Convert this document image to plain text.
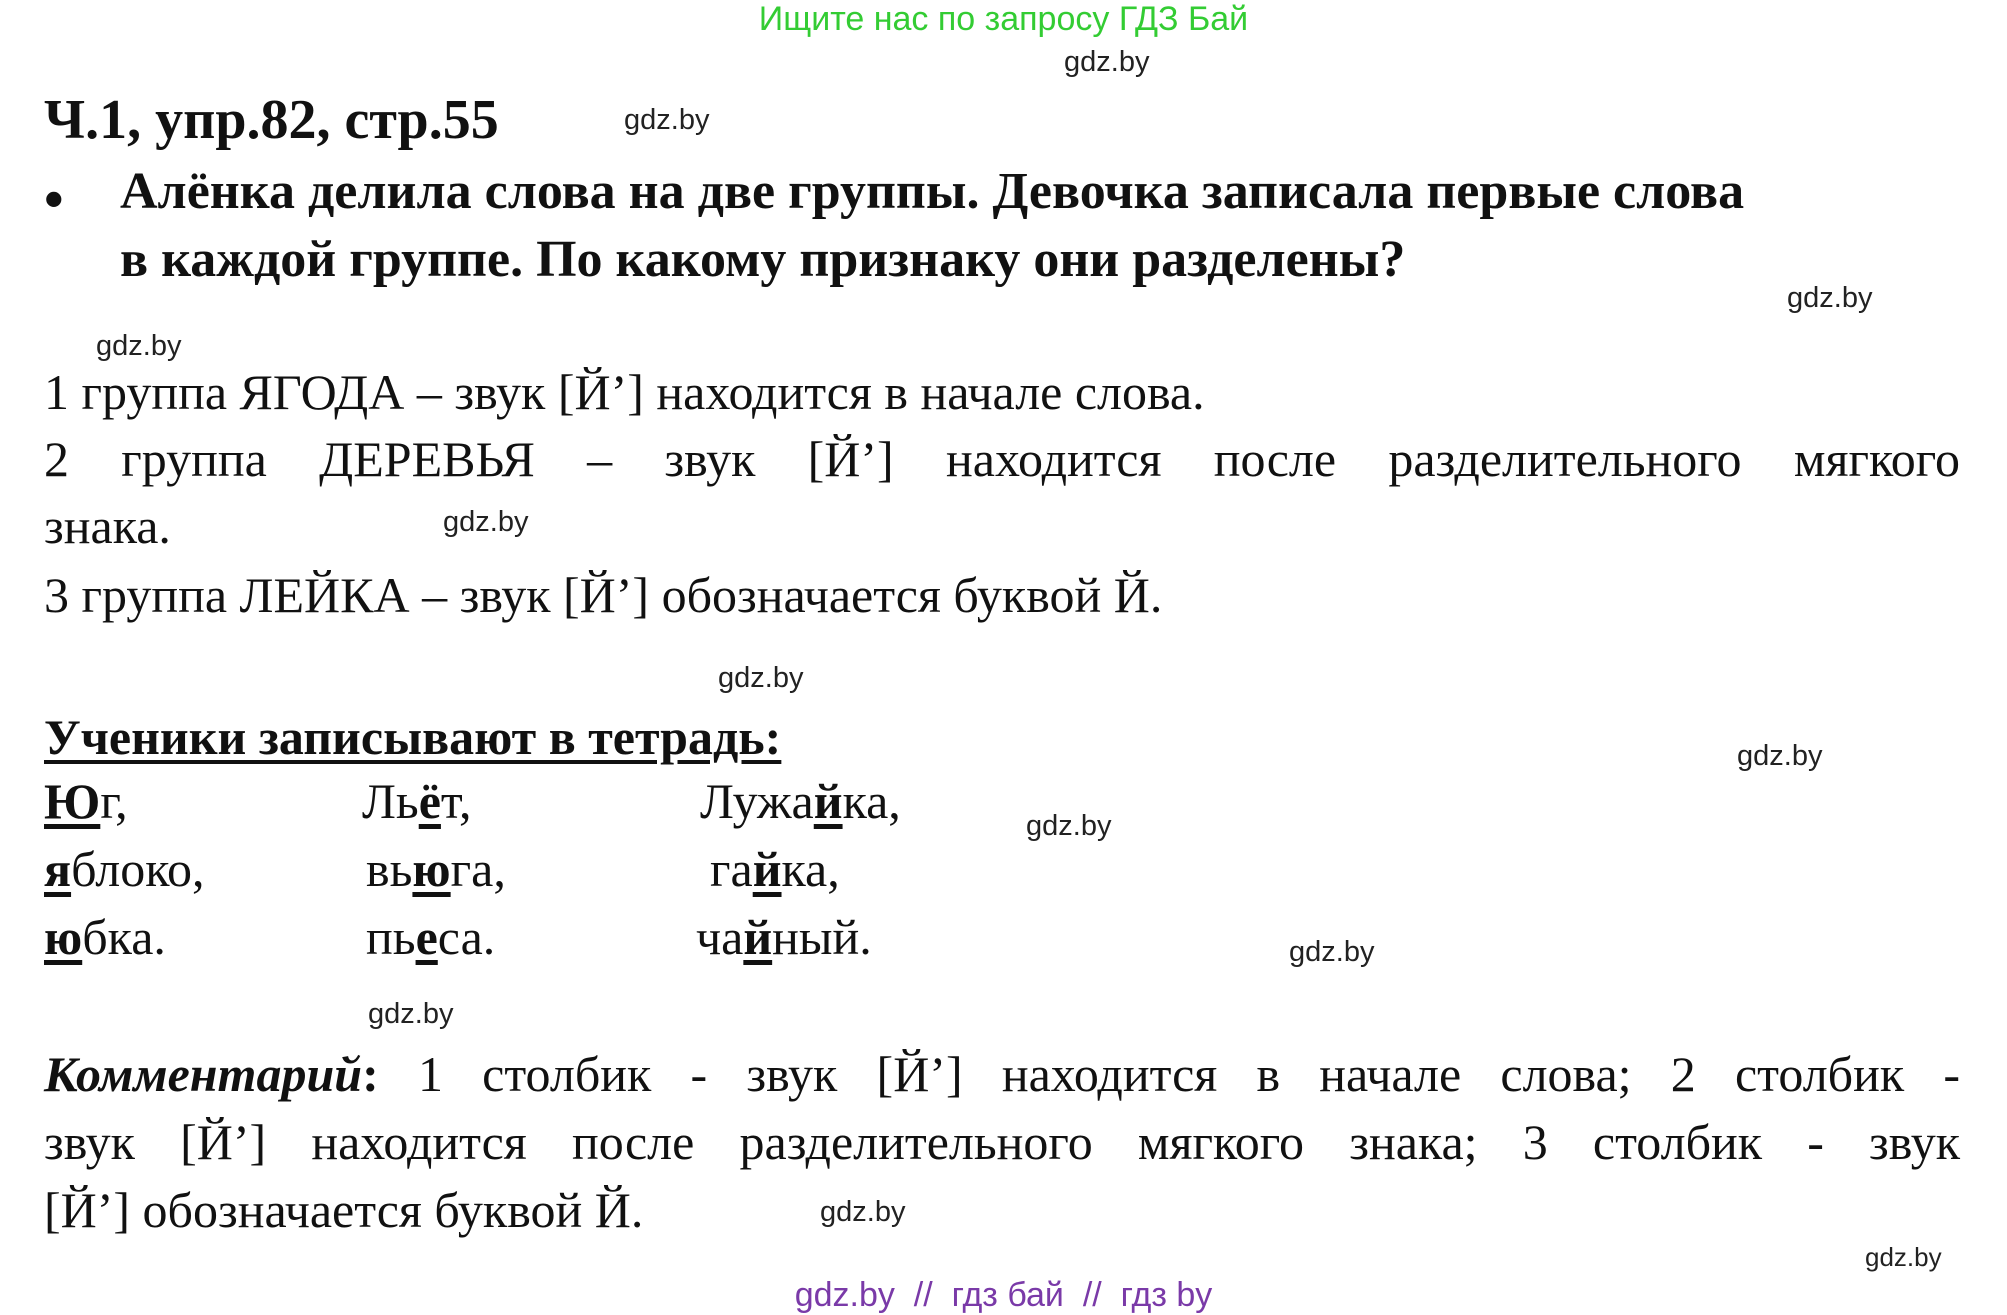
Ищите нас по запросу ГДЗ Бай
gdz.by
gdz.by
gdz.by
gdz.by
gdz.by
gdz.by
gdz.by
gdz.by
gdz.by
gdz.by
gdz.by
gdz.by
Ч.1, упр.82, стр.55
• Алёнка делила слова на две группы. Девочка записала первые слова
в каждой группе. По какому признаку они разделены?
1 группа ЯГОДА – звук [Й’] находится в начале слова.
2 группа ДЕРЕВЬЯ – звук [Й’] находится после разделительного мягкого
знака.
3 группа ЛЕЙКА – звук [Й’] обозначается буквой Й.
Ученики записывают в тетрадь:
Юг,
яблоко,
юбка.
Льёт,
вьюга,
пьеса.
Лужайка,
гайка,
чайный.
Комментарий: 1 столбик - звук [Й’] находится в начале слова; 2 столбик -
звук [Й’] находится после разделительного мягкого знака; 3 столбик - звук
[Й’] обозначается буквой Й.
gdz.by  //  гдз бай  //  гдз by
